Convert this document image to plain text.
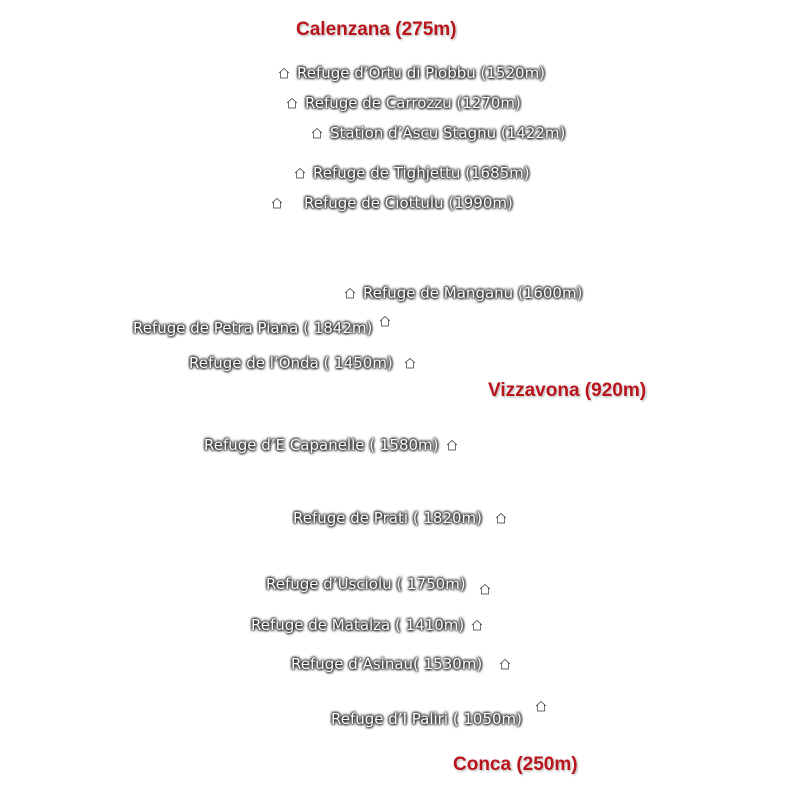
Calenzana (275m)
Vizzavona (920m)
Conca (250m)
Refuge d’Ortu di Piobbu (1520m)
Refuge de Carrozzu (1270m)
Station d’Ascu Stagnu (1422m)
Refuge de Tighjettu (1685m)
Refuge de Ciottulu (1990m)
Refuge de Manganu (1600m)
Refuge de Petra Piana ( 1842m)
Refuge de l’Onda ( 1450m)
Refuge d’E Capanelle ( 1580m)
Refuge de Prati ( 1820m)
Refuge d’Usciolu ( 1750m)
Refuge de Matalza ( 1410m)
Refuge d’Asinau( 1530m)
Refuge d’I Paliri ( 1050m)
